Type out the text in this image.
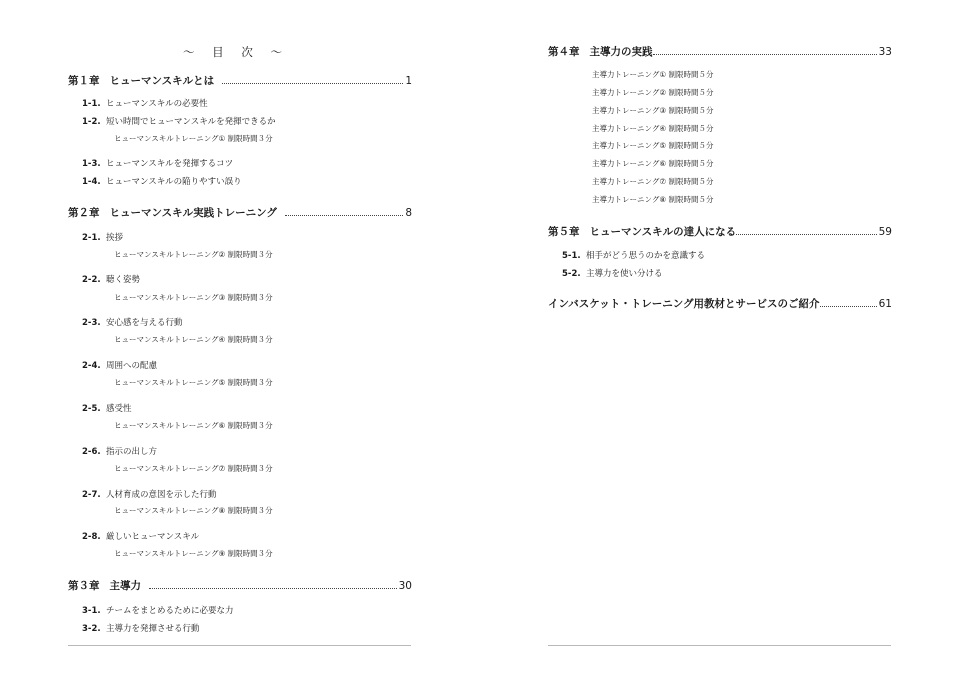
〜 目 次 〜
第１章 ヒューマンスキルとは	1
1-1. ヒューマンスキルの必要性
1-2. 短い時間でヒューマンスキルを発揮できるか
ヒューマンスキルトレーニング① 制限時間３分
1-3. ヒューマンスキルを発揮するコツ
1-4. ヒューマンスキルの陥りやすい誤り
第２章 ヒューマンスキル実践トレーニング	8
2-1. 挨拶
ヒューマンスキルトレーニング② 制限時間３分
2-2. 聴く姿勢
ヒューマンスキルトレーニング③ 制限時間３分
2-3. 安心感を与える行動
ヒューマンスキルトレーニング④ 制限時間３分
2-4. 周囲への配慮
ヒューマンスキルトレーニング⑤ 制限時間３分
2-5. 感受性
ヒューマンスキルトレーニング⑥ 制限時間３分
2-6. 指示の出し方
ヒューマンスキルトレーニング⑦ 制限時間３分
2-7. 人材育成の意図を示した行動
ヒューマンスキルトレーニング⑧ 制限時間３分
2-8. 厳しいヒューマンスキル
ヒューマンスキルトレーニング⑨ 制限時間３分
第３章 主導力	30
3-1. チームをまとめるために必要な力
3-2. 主導力を発揮させる行動
第４章 主導力の実践	33
主導力トレーニング① 制限時間５分
主導力トレーニング② 制限時間５分
主導力トレーニング③ 制限時間５分
主導力トレーニング④ 制限時間５分
主導力トレーニング⑤ 制限時間５分
主導力トレーニング⑥ 制限時間５分
主導力トレーニング⑦ 制限時間５分
主導力トレーニング⑧ 制限時間５分
第５章 ヒューマンスキルの達人になる	59
5-1. 相手がどう思うのかを意識する
5-2. 主導力を使い分ける
インバスケット・トレーニング用教材とサービスのご紹介	61
